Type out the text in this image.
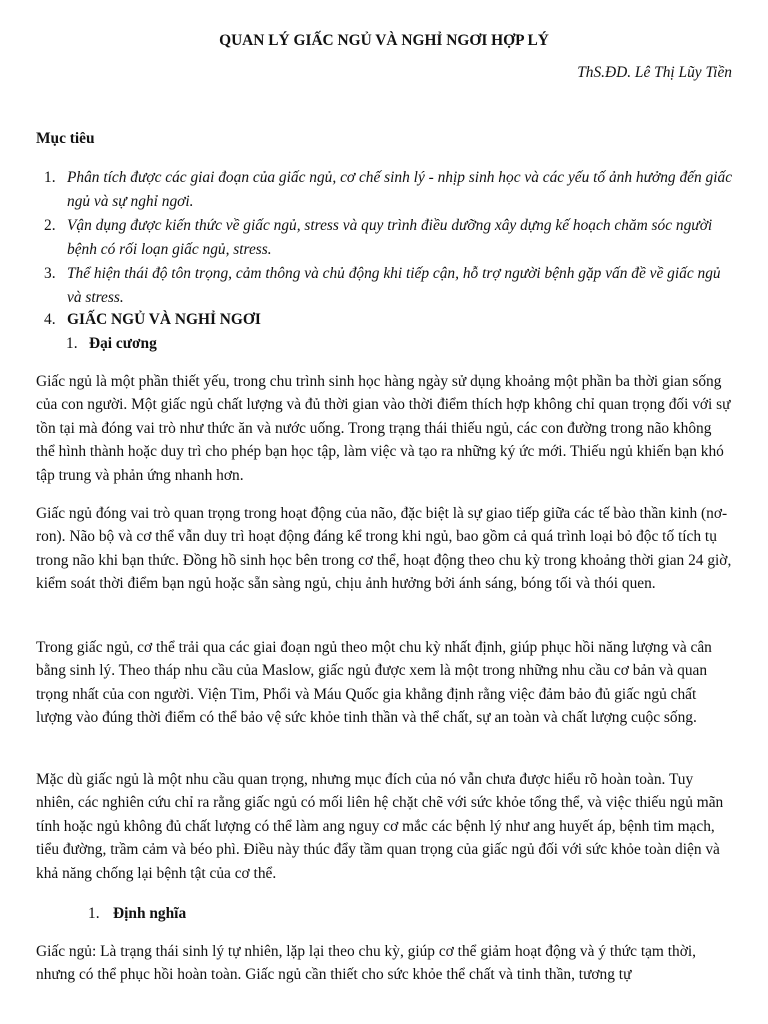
QUAN LÝ GIẤC NGỦ VÀ NGHỈ NGƠI HỢP LÝ
ThS.ĐD. Lê Thị Lũy Tiền
Mục tiêu
1. Phân tích được các giai đoạn của giấc ngủ, cơ chế sinh lý - nhịp sinh học và các yếu tố ảnh hưởng đến giấc ngủ và sự nghỉ ngơi.
2. Vận dụng được kiến thức về giấc ngủ, stress và quy trình điều dưỡng xây dựng kế hoạch chăm sóc người bệnh có rối loạn giấc ngủ, stress.
3. Thể hiện thái độ tôn trọng, cảm thông và chủ động khi tiếp cận, hỗ trợ người bệnh gặp vấn đề về giấc ngủ và stress.
4. GIẤC NGỦ VÀ NGHỈ NGƠI
1. Đại cương

Giấc ngủ là một phần thiết yếu, trong chu trình sinh học hàng ngày sử dụng khoảng một phần ba thời gian sống của con người. Một giấc ngủ chất lượng và đủ thời gian vào thời điểm thích hợp không chỉ quan trọng đối với sự tồn tại mà đóng vai trò như thức ăn và nước uống. Trong trạng thái thiếu ngủ, các con đường trong não không thể hình thành hoặc duy trì cho phép bạn học tập, làm việc và tạo ra những ký ức mới. Thiếu ngủ khiến bạn khó tập trung và phản ứng nhanh hơn.

Giấc ngủ đóng vai trò quan trọng trong hoạt động của não, đặc biệt là sự giao tiếp giữa các tế bào thần kinh (nơ-ron). Não bộ và cơ thể vẫn duy trì hoạt động đáng kể trong khi ngủ, bao gồm cả quá trình loại bỏ độc tố tích tụ trong não khi bạn thức. Đồng hồ sinh học bên trong cơ thể, hoạt động theo chu kỳ trong khoảng thời gian 24 giờ, kiểm soát thời điểm bạn ngủ hoặc sẵn sàng ngủ, chịu ảnh hưởng bởi ánh sáng, bóng tối và thói quen.

Trong giấc ngủ, cơ thể trải qua các giai đoạn ngủ theo một chu kỳ nhất định, giúp phục hồi năng lượng và cân bằng sinh lý. Theo tháp nhu cầu của Maslow, giấc ngủ được xem là một trong những nhu cầu cơ bản và quan trọng nhất của con người. Viện Tim, Phổi và Máu Quốc gia khẳng định rằng việc đảm bảo đủ giấc ngủ chất lượng vào đúng thời điểm có thể bảo vệ sức khỏe tinh thần và thể chất, sự an toàn và chất lượng cuộc sống.

Mặc dù giấc ngủ là một nhu cầu quan trọng, nhưng mục đích của nó vẫn chưa được hiểu rõ hoàn toàn. Tuy nhiên, các nghiên cứu chỉ ra rằng giấc ngủ có mối liên hệ chặt chẽ với sức khỏe tổng thể, và việc thiếu ngủ mãn tính hoặc ngủ không đủ chất lượng có thể làm ang nguy cơ mắc các bệnh lý như ang huyết áp, bệnh tim mạch, tiểu đường, trầm cảm và béo phì. Điều này thúc đẩy tầm quan trọng của giấc ngủ đối với sức khỏe toàn diện và khả năng chống lại bệnh tật của cơ thể.

1. Định nghĩa

Giấc ngủ: Là trạng thái sinh lý tự nhiên, lặp lại theo chu kỳ, giúp cơ thể giảm hoạt động và ý thức tạm thời, nhưng có thể phục hồi hoàn toàn. Giấc ngủ cần thiết cho sức khỏe thể chất và tinh thần, tương tự
